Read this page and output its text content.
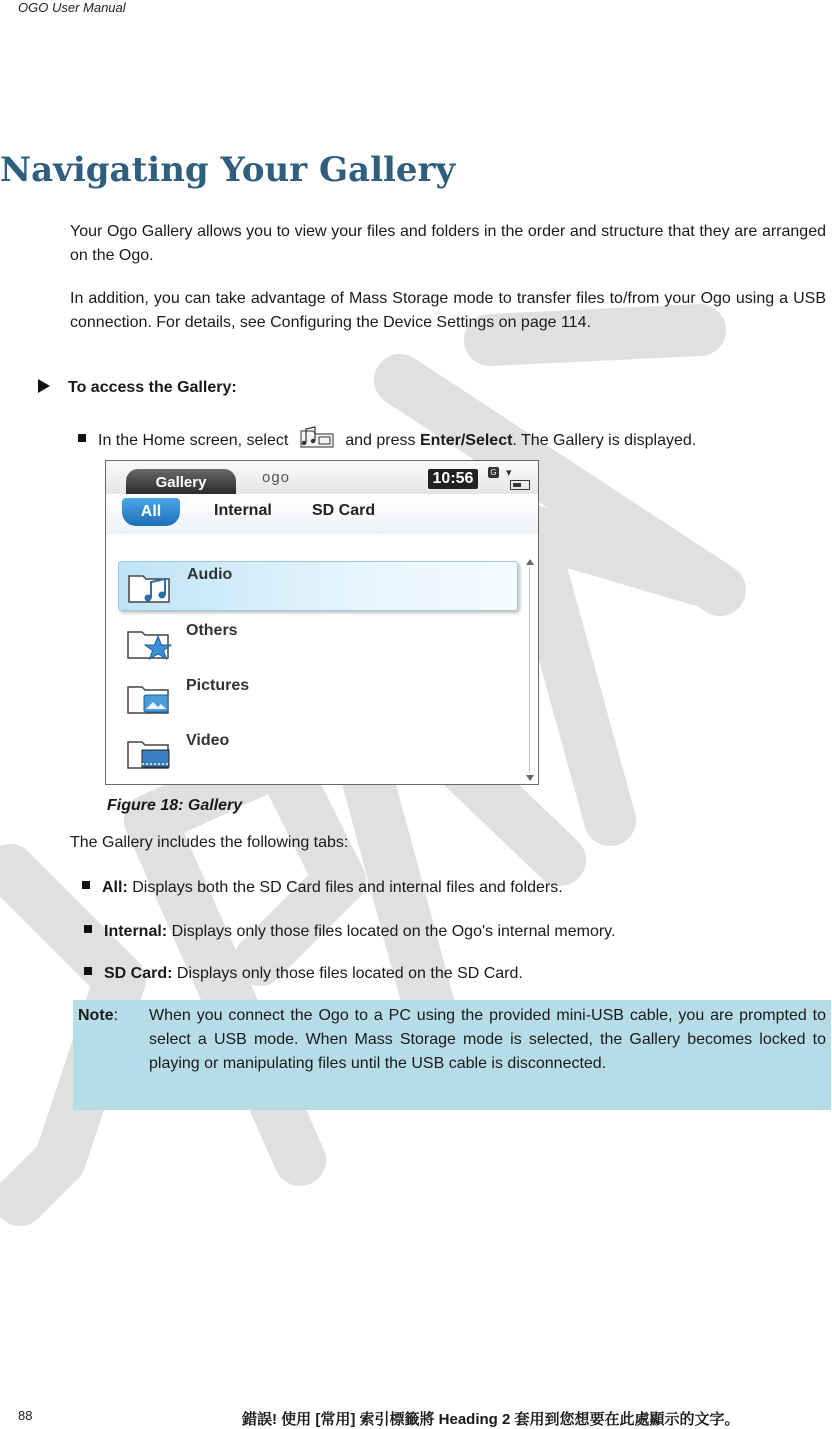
OGO User Manual
Navigating Your Gallery
Your Ogo Gallery allows you to view your files and folders in the order and structure that they are arranged on the Ogo.
In addition, you can take advantage of Mass Storage mode to transfer files to/from your Ogo using a USB connection. For details, see Configuring the Device Settings on page 114.
To access the Gallery:
In the Home screen, select	and press Enter/Select. The Gallery is displayed.
Gallery	ogo	10:56	G ▾
All	Internal	SD Card
Audio
Others
Pictures
Video
Figure 18: Gallery
The Gallery includes the following tabs:
All: Displays both the SD Card files and internal files and folders.
Internal: Displays only those files located on the Ogo's internal memory.
SD Card: Displays only those files located on the SD Card.
Note: When you connect the Ogo to a PC using the provided mini-USB cable, you are prompted to select a USB mode. When Mass Storage mode is selected, the Gallery becomes locked to playing or manipulating files until the USB cable is disconnected.
88	錯誤! 使用 [常用] 索引標籤將 Heading 2 套用到您想要在此處顯示的文字。
